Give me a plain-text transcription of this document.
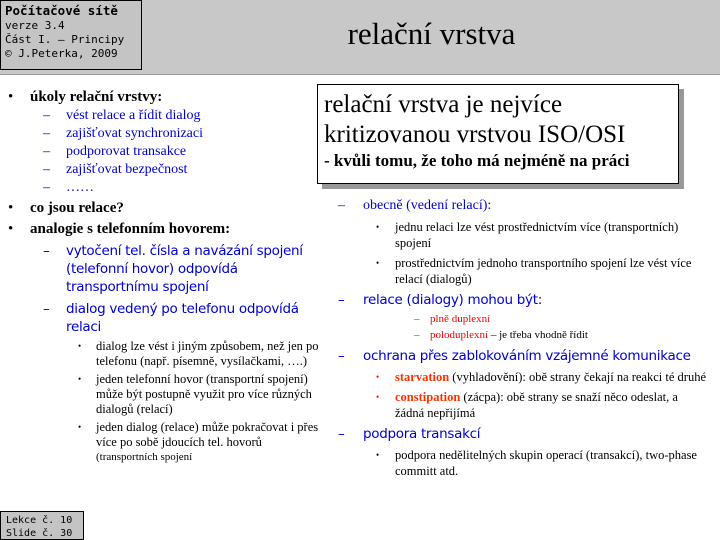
Počítačové sítě
verze 3.4
Část I. – Principy
© J.Peterka, 2009
relační vrstva
relační vrstva je nejvíce
kritizovanou vrstvou ISO/OSI
- kvůli tomu, že toho má nejméně na práci
• úkoly relační vrstvy:
– vést relace a řídit dialog
– zajišťovat synchronizaci
– podporovat transakce
– zajišťovat bezpečnost
– ……
• co jsou relace?
• analogie s telefonním hovorem:
– vytočení tel. čísla a navázání spojení (telefonní hovor) odpovídá transportnímu spojení
– dialog vedený po telefonu odpovídá relaci
• dialog lze vést i jiným způsobem, než jen po telefonu (např. písemně, vysílačkami, ….)
• jeden telefonní hovor (transportní spojení) může být postupně využit pro více různých dialogů (relací)
• jeden dialog (relace) může pokračovat i přes více po sobě jdoucích tel. hovorů
(transportních spojení
– obecně (vedení relací):
• jednu relaci lze vést prostřednictvím více (transportních) spojení
• prostřednictvím jednoho transportního spojení lze vést více relací (dialogů)
– relace (dialogy) mohou být:
– plně duplexní
– poloduplexní – je třeba vhodně řídit
– ochrana přes zablokováním vzájemné komunikace
• starvation (vyhladovění): obě strany čekají na reakci té druhé
• constipation (zácpa): obě strany se snaží něco odeslat, a žádná nepřijímá
– podpora transakcí
• podpora nedělitelných skupin operací (transakcí), two-phase committ atd.
Lekce č. 10
Slide č. 30
